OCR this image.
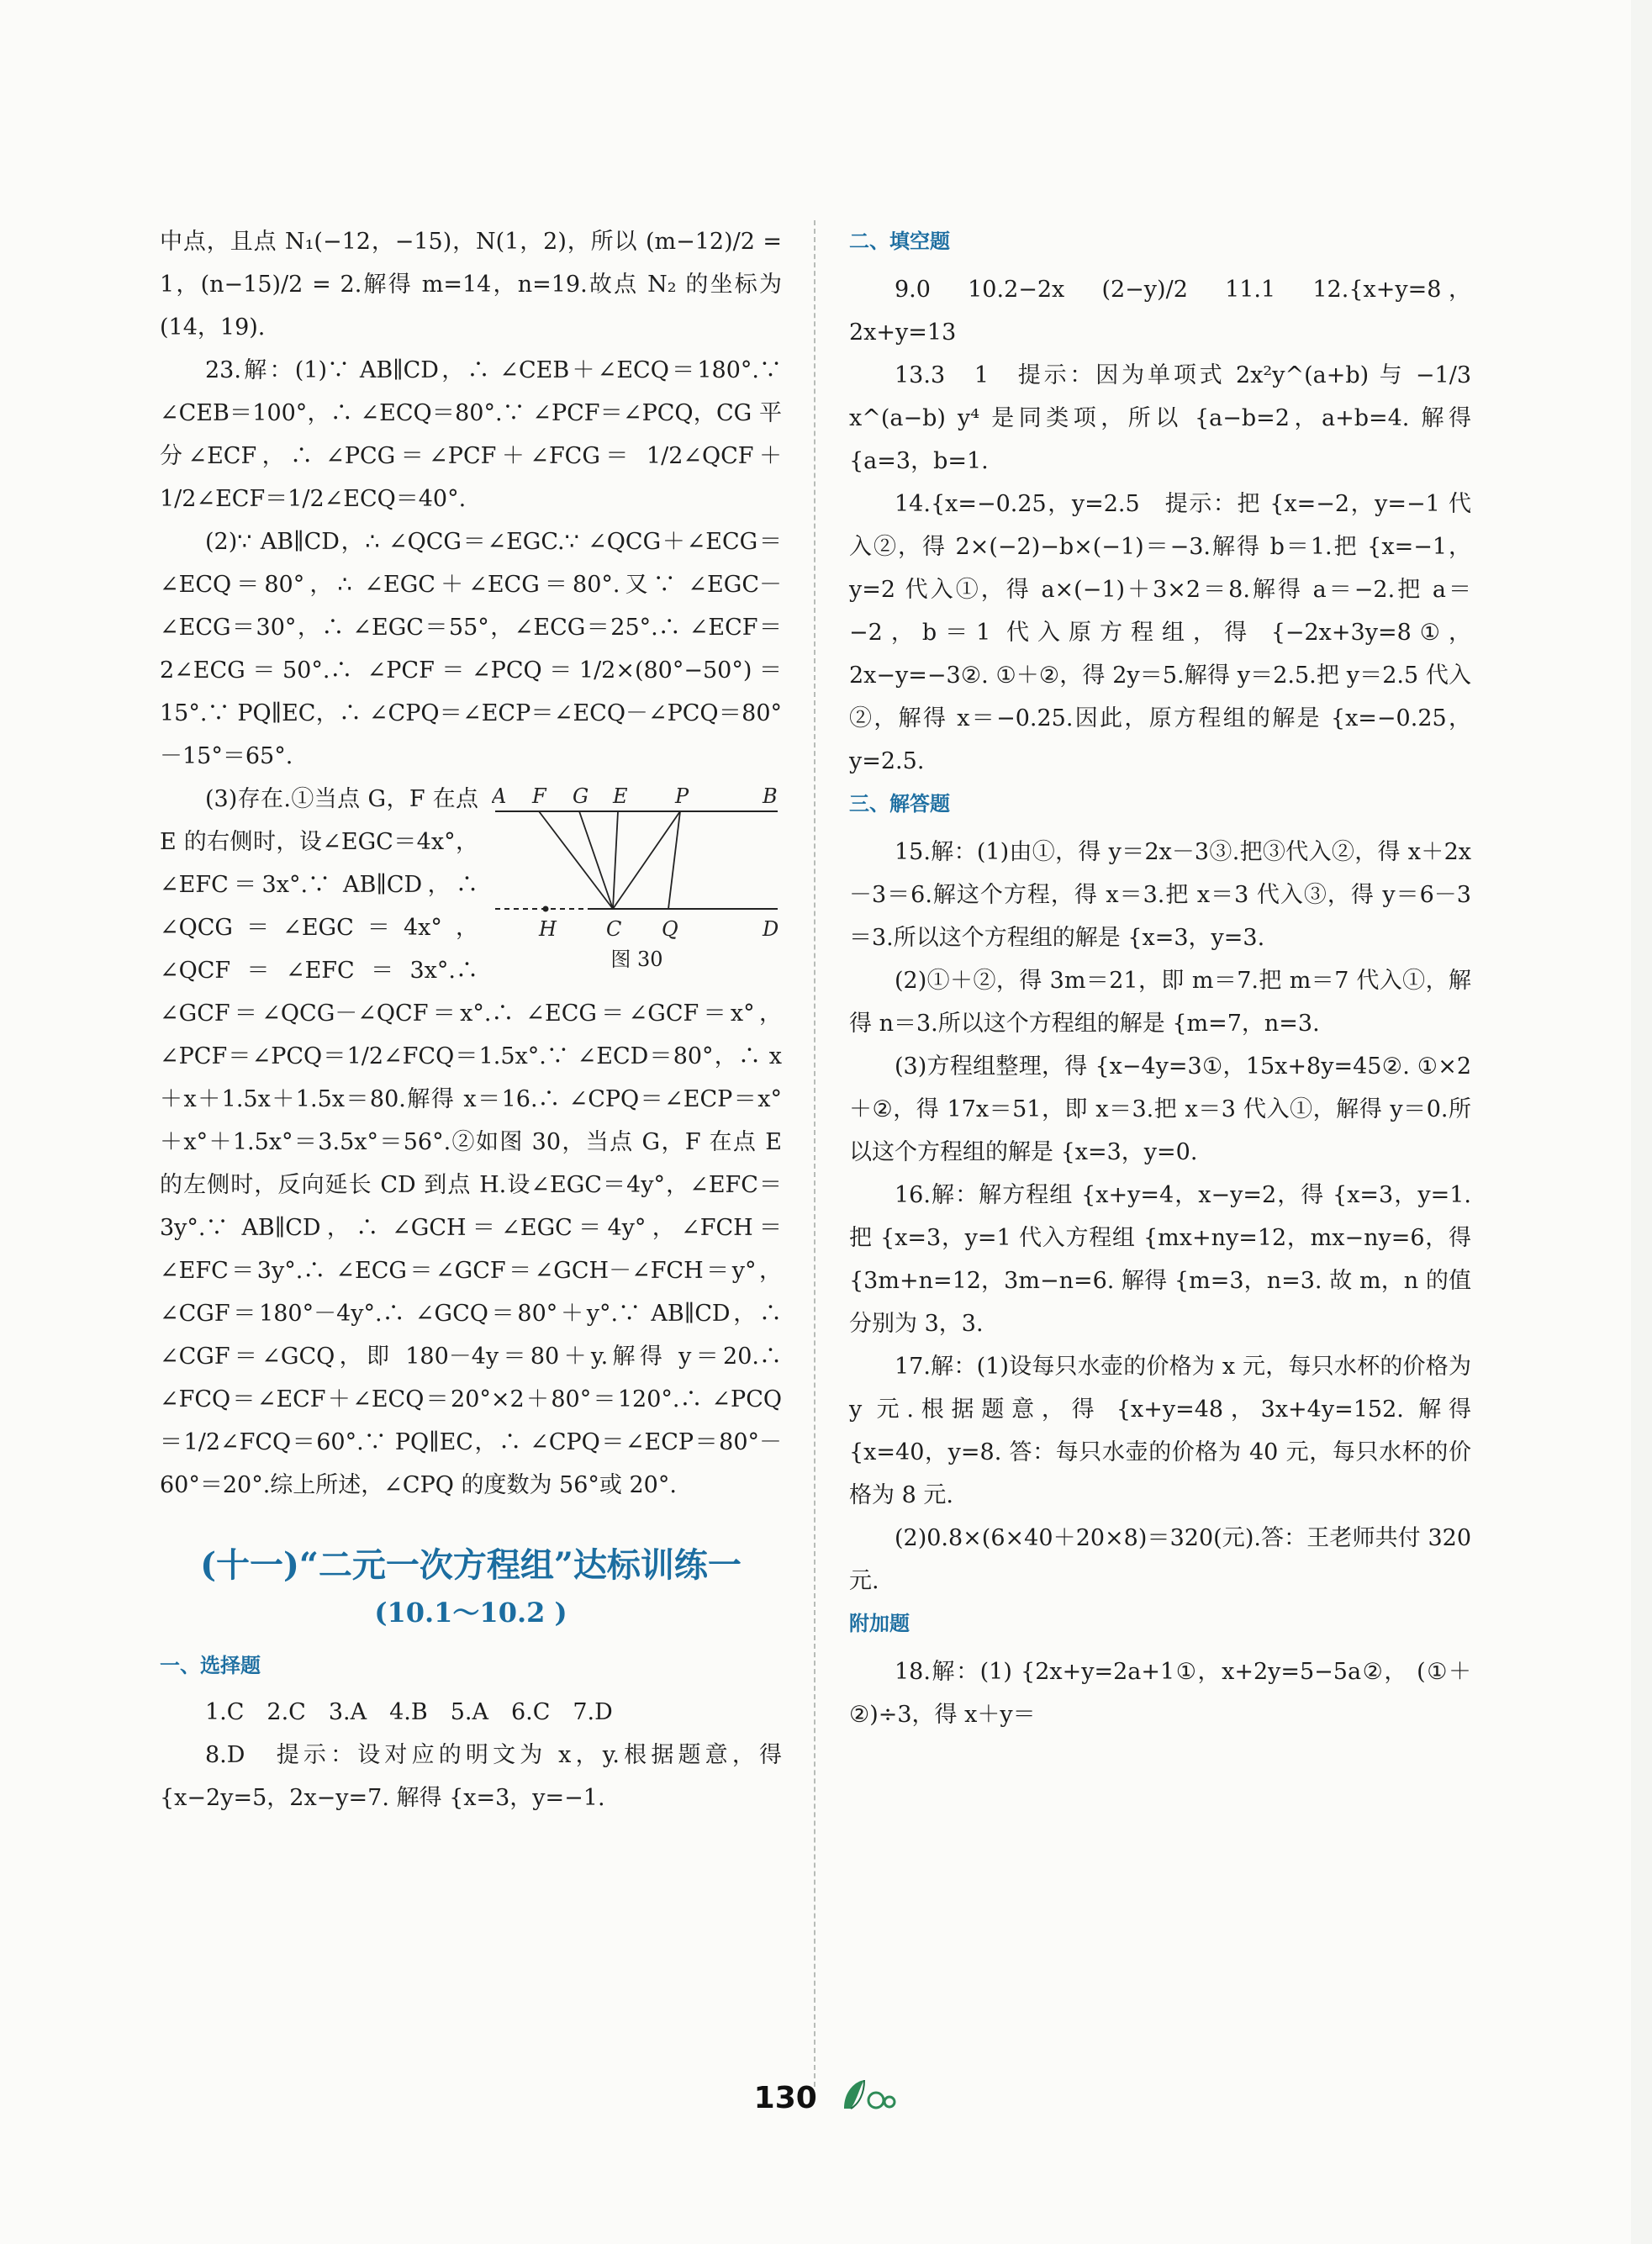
中点，且点 N₁(−12，−15)，N(1，2)，所以 (m−12)/2 = 1，(n−15)/2 = 2.解得 m=14，n=19.故点 N₂ 的坐标为(14，19).

23.解：(1)∵ AB∥CD，∴ ∠CEB＋∠ECQ＝180°.∵ ∠CEB＝100°，∴ ∠ECQ＝80°.∵ ∠PCF＝∠PCQ，CG 平分∠ECF，∴ ∠PCG＝∠PCF＋∠FCG＝ 1/2∠QCF＋1/2∠ECF＝1/2∠ECQ＝40°.

(2)∵ AB∥CD，∴ ∠QCG＝∠EGC.∵ ∠QCG＋∠ECG＝∠ECQ＝80°，∴ ∠EGC＋∠ECG＝80°.又∵ ∠EGC－∠ECG＝30°，∴ ∠EGC＝55°，∠ECG＝25°.∴ ∠ECF＝2∠ECG＝50°.∴ ∠PCF＝∠PCQ＝1/2×(80°−50°)＝15°.∵ PQ∥EC，∴ ∠CPQ＝∠ECP＝∠ECQ－∠PCQ＝80°－15°＝65°.

A F G E P	B
H C Q	D
图 30

(3)存在.①当点 G，F 在点 E 的右侧时，设∠EGC＝4x°，∠EFC＝3x°.∵ AB∥CD，∴ ∠QCG＝∠EGC＝4x°，∠QCF＝∠EFC＝3x°.∴ ∠GCF＝∠QCG－∠QCF＝x°.∴ ∠ECG＝∠GCF＝x°，∠PCF＝∠PCQ＝1/2∠FCQ＝1.5x°.∵ ∠ECD＝80°，∴ x＋x＋1.5x＋1.5x＝80.解得 x＝16.∴ ∠CPQ＝∠ECP＝x°＋x°＋1.5x°＝3.5x°＝56°.②如图 30，当点 G，F 在点 E 的左侧时，反向延长 CD 到点 H.设∠EGC＝4y°，∠EFC＝3y°.∵ AB∥CD，∴ ∠GCH＝∠EGC＝4y°，∠FCH＝∠EFC＝3y°.∴ ∠ECG＝∠GCF＝∠GCH－∠FCH＝y°，∠CGF＝180°－4y°.∴ ∠GCQ＝80°＋y°.∵ AB∥CD，∴ ∠CGF＝∠GCQ，即 180－4y＝80＋y.解得 y＝20.∴ ∠FCQ＝∠ECF＋∠ECQ＝20°×2＋80°＝120°.∴ ∠PCQ＝1/2∠FCQ＝60°.∵ PQ∥EC，∴ ∠CPQ＝∠ECP＝80°－60°＝20°.综上所述，∠CPQ 的度数为 56°或 20°.

(十一)“二元一次方程组”达标训练一
(10.1～10.2 )
一、选择题

1.C　2.C　3.A　4.B　5.A　6.C　7.D

8.D　提示：设对应的明文为 x，y.根据题意，得 {x−2y=5，2x−y=7. 解得 {x=3，y=−1.

二、填空题

9.0　10.2−2x　(2−y)/2　11.1　12.{x+y=8，2x+y=13

13.3　1　提示：因为单项式 2x²y^(a+b) 与 −1/3 x^(a−b) y⁴ 是同类项，所以 {a−b=2，a+b=4. 解得 {a=3，b=1.

14.{x=−0.25，y=2.5　提示：把 {x=−2，y=−1 代入②，得 2×(−2)−b×(−1)＝−3.解得 b＝1.把 {x=−1，y=2 代入①，得 a×(−1)＋3×2＝8.解得 a＝−2.把 a＝−2，b＝1 代入原方程组，得 {−2x+3y=8①，2x−y=−3②. ①＋②，得 2y＝5.解得 y＝2.5.把 y＝2.5 代入②，解得 x＝−0.25.因此，原方程组的解是 {x=−0.25，y=2.5.

三、解答题

15.解：(1)由①，得 y＝2x－3③.把③代入②，得 x＋2x－3＝6.解这个方程，得 x＝3.把 x＝3 代入③，得 y＝6－3＝3.所以这个方程组的解是 {x=3，y=3.

(2)①＋②，得 3m＝21，即 m＝7.把 m＝7 代入①，解得 n＝3.所以这个方程组的解是 {m=7，n=3.

(3)方程组整理，得 {x−4y=3①，15x+8y=45②. ①×2＋②，得 17x＝51，即 x＝3.把 x＝3 代入①，解得 y＝0.所以这个方程组的解是 {x=3，y=0.

16.解：解方程组 {x+y=4，x−y=2，得 {x=3，y=1. 把 {x=3，y=1 代入方程组 {mx+ny=12，mx−ny=6，得 {3m+n=12，3m−n=6. 解得 {m=3，n=3. 故 m，n 的值分别为 3，3.

17.解：(1)设每只水壶的价格为 x 元，每只水杯的价格为 y 元.根据题意，得 {x+y=48，3x+4y=152. 解得 {x=40，y=8. 答：每只水壶的价格为 40 元，每只水杯的价格为 8 元.

(2)0.8×(6×40＋20×8)＝320(元).答：王老师共付 320 元.

附加题

18.解：(1) {2x+y=2a+1①，x+2y=5−5a②， (①＋②)÷3，得 x＋y＝

130
